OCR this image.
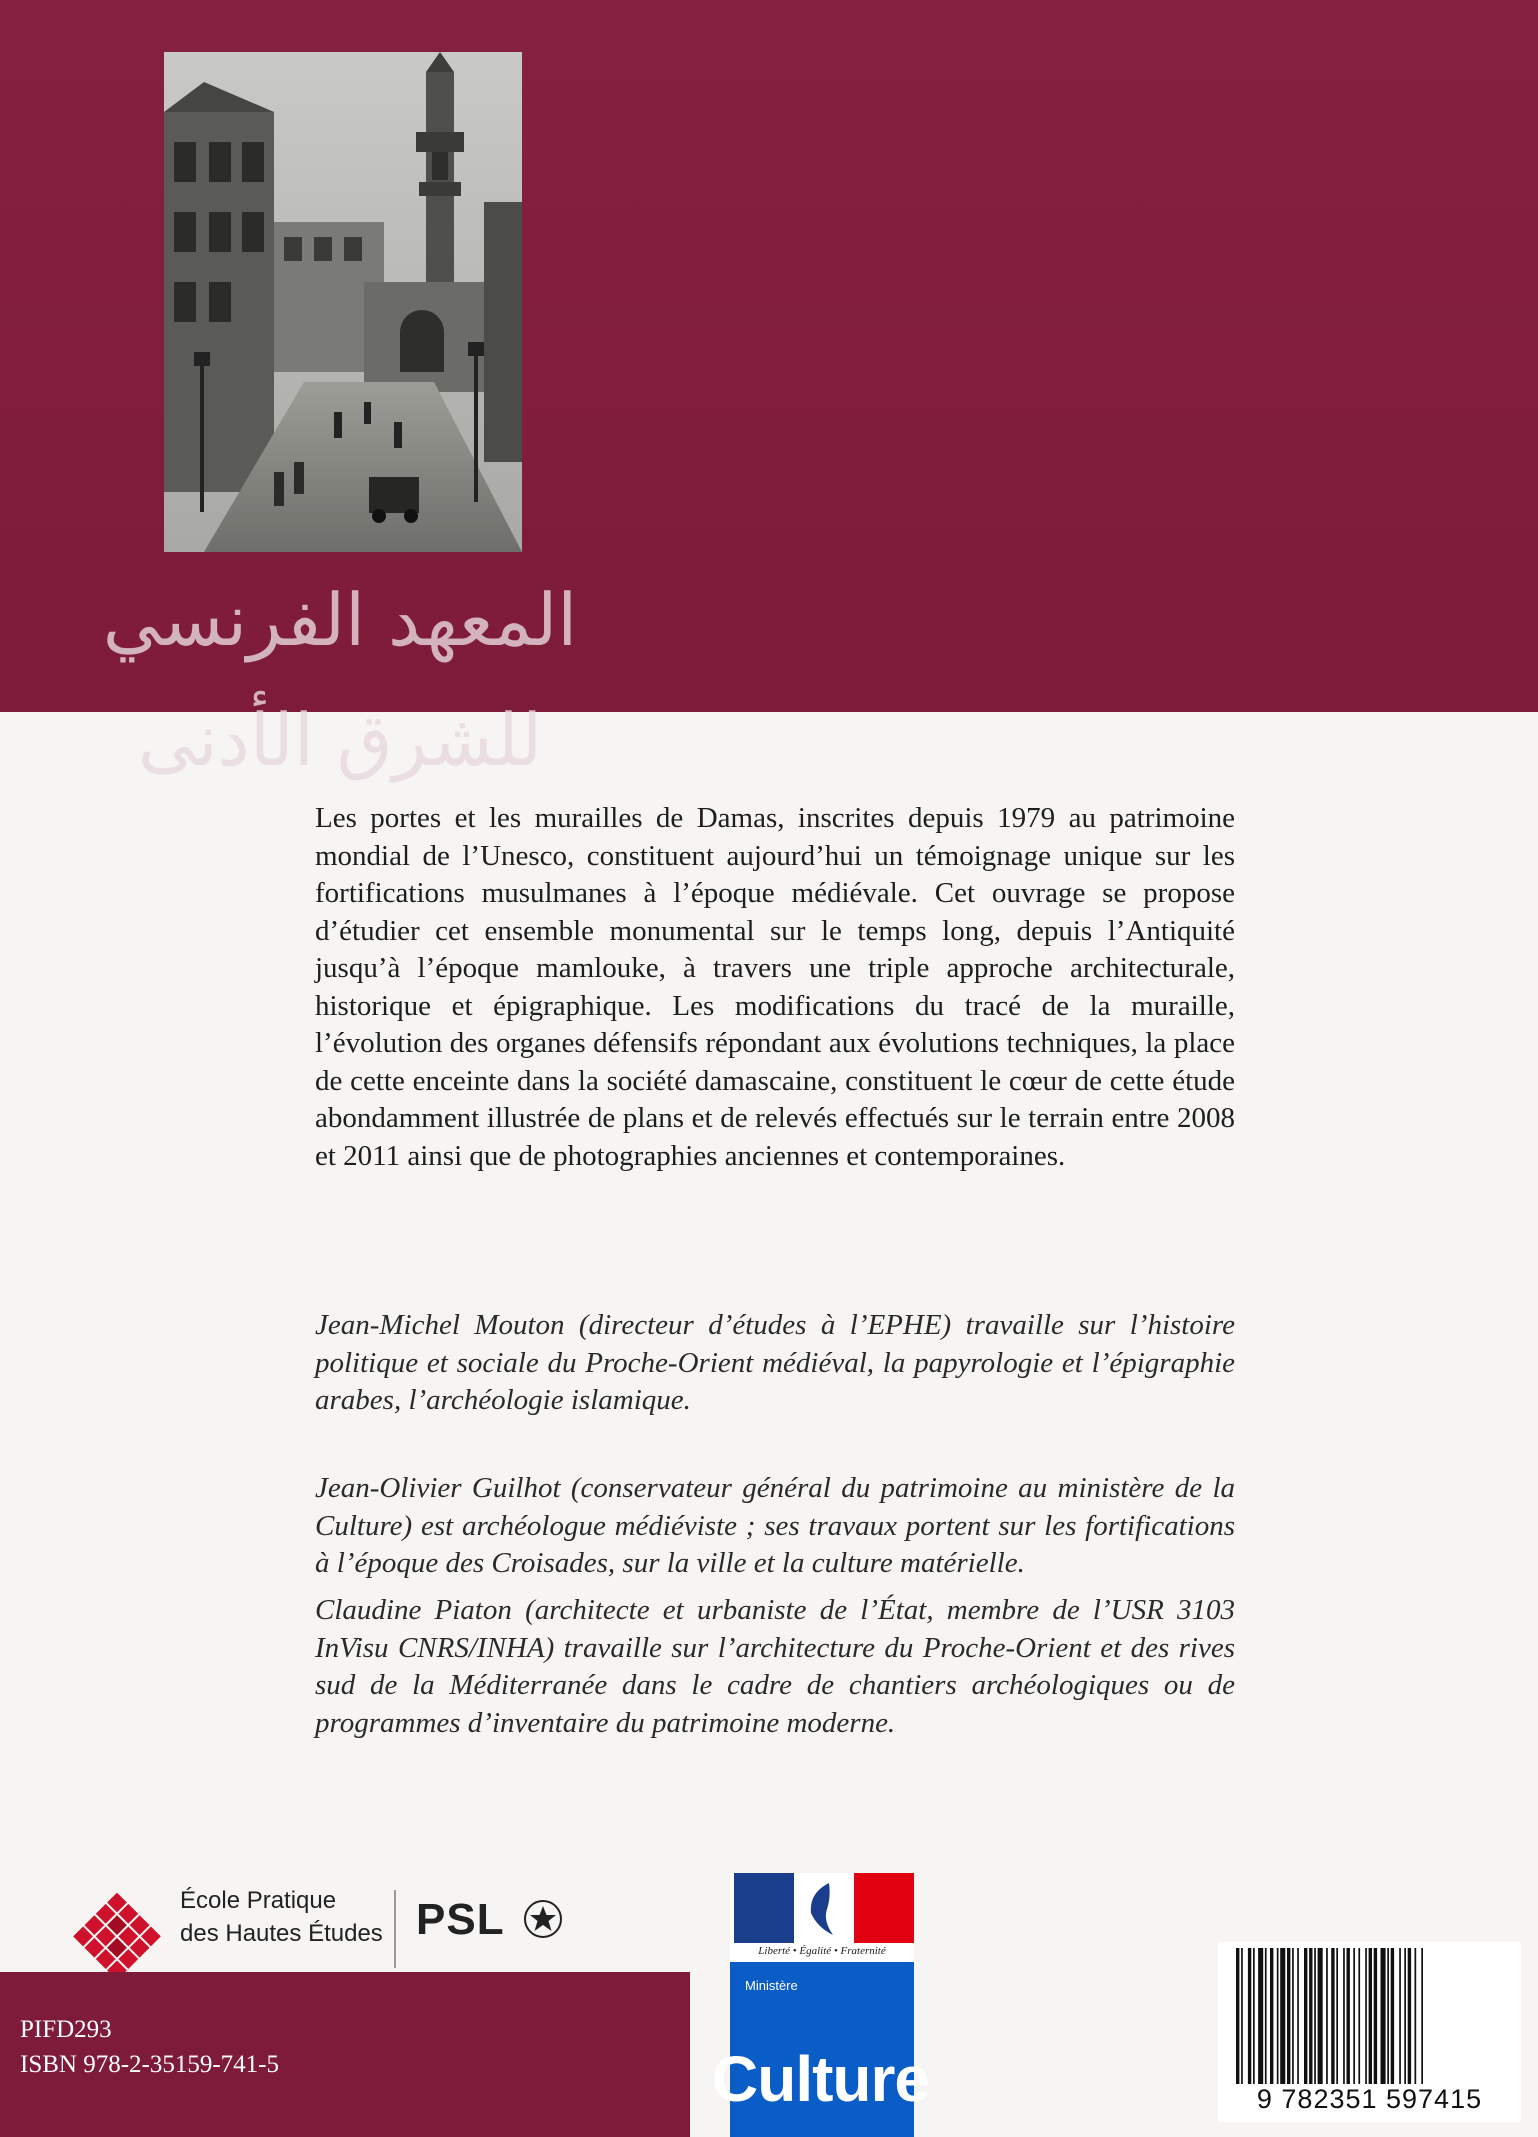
المعهد الفرنسي للشرق الأدنى

Les portes et les murailles de Damas, inscrites depuis 1979 au patrimoine mondial de l’Unesco, constituent aujourd’hui un témoignage unique sur les fortifications musulmanes à l’époque médiévale. Cet ouvrage se propose d’étudier cet ensemble monumental sur le temps long, depuis l’Antiquité jusqu’à l’époque mamlouke, à travers une triple approche architecturale, historique et épigraphique. Les modifications du tracé de la muraille, l’évolution des organes défensifs répondant aux évolutions techniques, la place de cette enceinte dans la société damascaine, constituent le cœur de cette étude abondamment illustrée de plans et de relevés effectués sur le terrain entre 2008 et 2011 ainsi que de photographies anciennes et contemporaines.

Jean-Michel Mouton (directeur d’études à l’EPHE) travaille sur l’histoire politique et sociale du Proche-Orient médiéval, la papyrologie et l’épigraphie arabes, l’archéologie islamique.

Jean-Olivier Guilhot (conservateur général du patrimoine au ministère de la Culture) est archéologue médiéviste ; ses travaux portent sur les fortifications à l’époque des Croisades, sur la ville et la culture matérielle.

Claudine Piaton (architecte et urbaniste de l’État, membre de l’USR 3103 InVisu CNRS/INHA) travaille sur l’architecture du Proche-Orient et des rives sud de la Méditerranée dans le cadre de chantiers archéologiques ou de programmes d’inventaire du patrimoine moderne.

École Pratique
des Hautes Études PSL
Liberté • Égalité • Fraternité
Ministère
Culture
PIFD293
ISBN 978-2-35159-741-5
9 782351 597415
